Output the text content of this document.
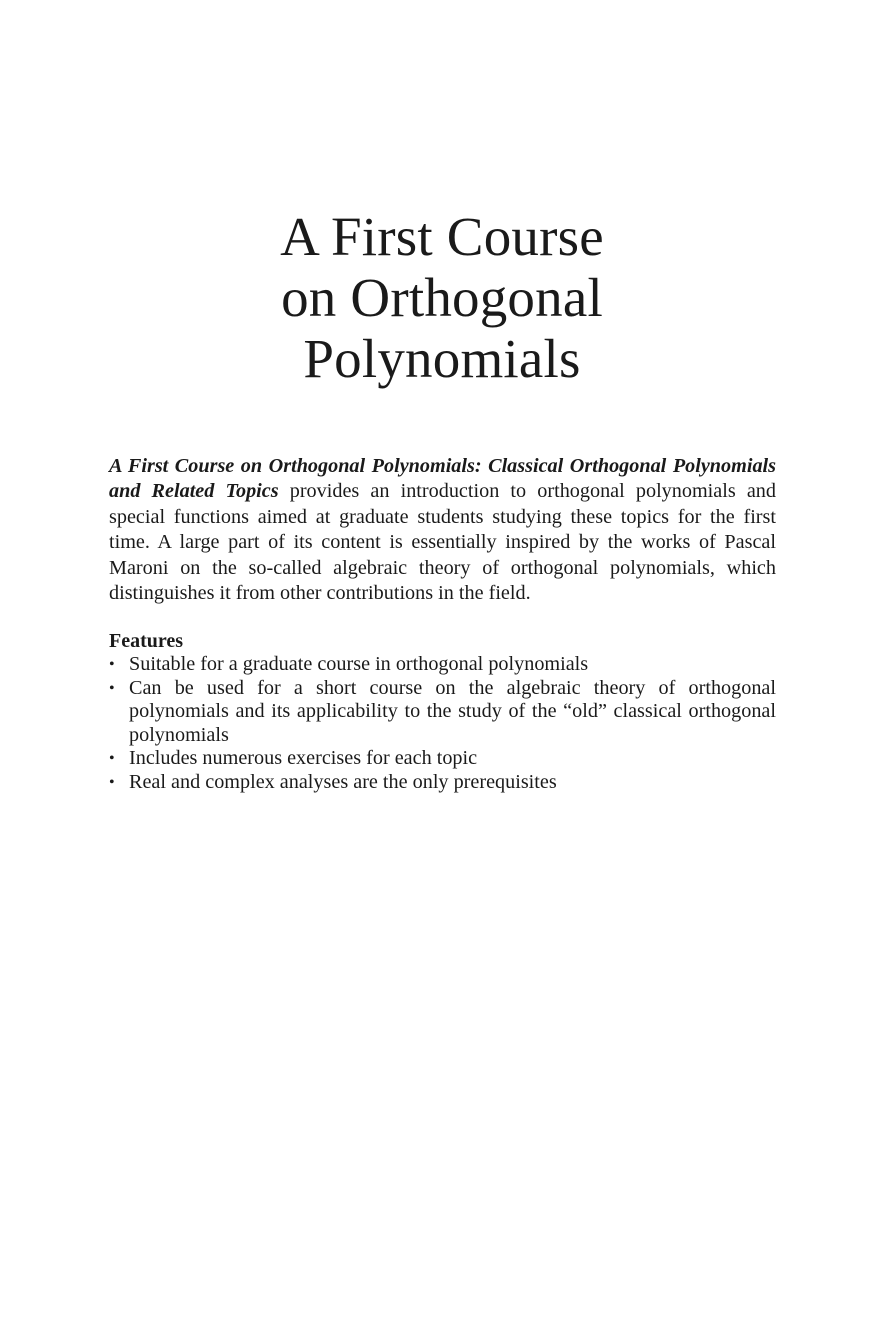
A First Course
on Orthogonal
Polynomials

A First Course on Orthogonal Polynomials: Classical Orthogonal Polynomials and Related Topics provides an introduction to orthogonal polynomials and special functions aimed at graduate students studying these topics for the first time. A large part of its content is essentially inspired by the works of Pascal Maroni on the so-called algebraic theory of orthogonal polynomials, which distinguishes it from other contributions in the field.

Features
• Suitable for a graduate course in orthogonal polynomials
• Can be used for a short course on the algebraic theory of orthogonal polynomials and its applicability to the study of the “old” classical orthogonal polynomials
• Includes numerous exercises for each topic
• Real and complex analyses are the only prerequisites
